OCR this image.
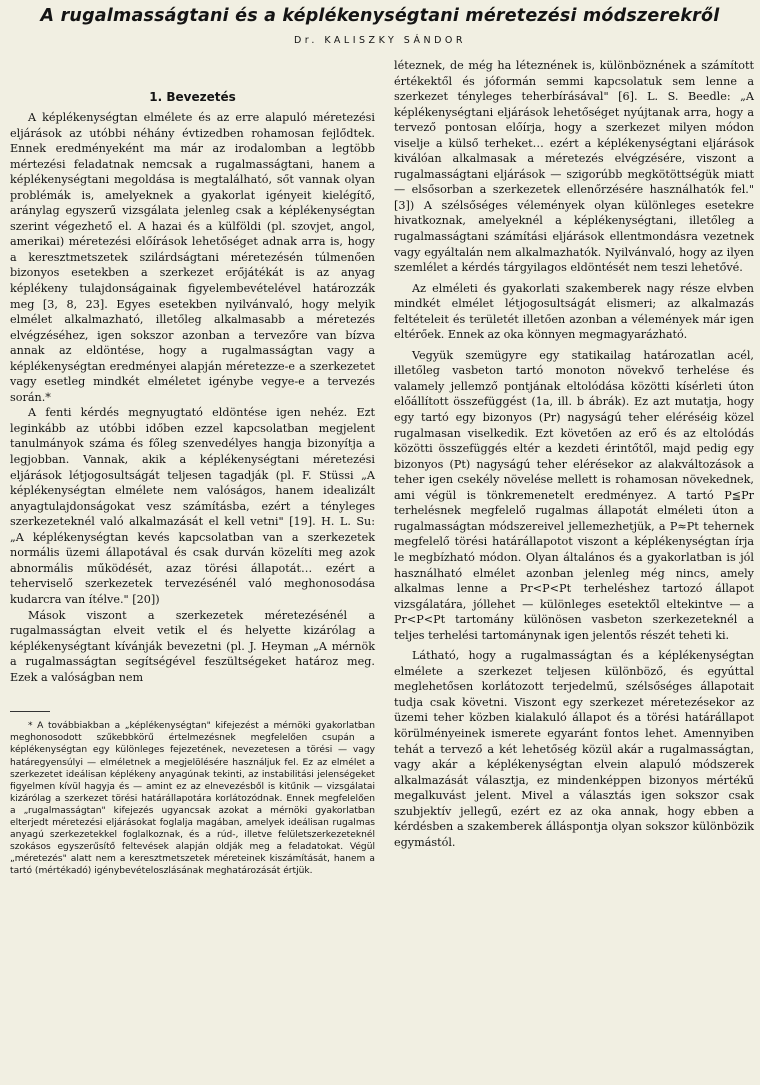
A rugalmasságtani és a képlékenységtani méretezési módszerekről
Dr. KALISZKY SÁNDOR
1. Bevezetés

A képlékenységtan elmélete és az erre alapuló méretezési eljárások az utóbbi néhány évtizedben rohamosan fejlődtek. Ennek eredményeként ma már az irodalomban a legtöbb mértezési feladatnak nemcsak a rugalmasságtani, hanem a képlékenységtani megoldása is megtalálható, sőt vannak olyan problémák is, amelyeknek a gyakorlat igényeit kielégítő, aránylag egyszerű vizsgálata jelenleg csak a képlékenységtan szerint végezhető el. A hazai és a külföldi (pl. szovjet, angol, amerikai) méretezési előírások lehetőséget adnak arra is, hogy a keresztmetszetek szilárdságtani méretezésén túlmenően bizonyos esetekben a szerkezet erőjátékát is az anyag képlékeny tulajdonságainak figyelembevételével határozzák meg [3, 8, 23]. Egyes esetekben nyilvánvaló, hogy melyik elmélet alkalmazható, illetőleg alkalmasabb a méretezés elvégzéséhez, igen sokszor azonban a tervezőre van bízva annak az eldöntése, hogy a rugalmasságtan vagy a képlékenységtan eredményei alapján méretezze-e a szerkezetet vagy esetleg mindkét elméletet igénybe vegye-e a tervezés során.*

A fenti kérdés megnyugtató eldöntése igen nehéz. Ezt leginkább az utóbbi időben ezzel kapcsolatban megjelent tanulmányok száma és főleg szenvedélyes hangja bizonyítja a legjobban. Vannak, akik a képlékenységtani méretezési eljárások létjogosultságát teljesen tagadják (pl. F. Stüssi „A képlékenységtan elmélete nem valóságos, hanem idealizált anyagtulajdonságokat vesz számításba, ezért a tényleges szerkezeteknél való alkalmazását el kell vetni" [19]. H. L. Su: „A képlékenységtan kevés kapcsolatban van a szerkezetek normális üzemi állapotával és csak durván közelíti meg azok abnormális működését, azaz törési állapotát… ezért a teherviselő szerkezetek tervezésénél való meghonosodása kudarcra van ítélve." [20])

Mások viszont a szerkezetek méretezésénél a rugalmasságtan elveit vetik el és helyette kizárólag a képlékenységtant kívánják bevezetni (pl. J. Heyman „A mérnök a rugalmasságtan segítségével feszültségeket határoz meg. Ezek a valóságban nem

* A továbbiakban a „képlékenységtan" kifejezést a mérnöki gyakorlatban meghonosodott szűkebbkörű értelmezésnek megfelelően csupán a képlékenységtan egy különleges fejezetének, nevezetesen a törési — vagy határegyensúlyi — elméletnek a megjelölésére használjuk fel. Ez az elmélet a szerkezetet ideálisan képlékeny anyagúnak tekinti, az instabilitási jelenségeket figyelmen kívül hagyja és — amint ez az elnevezésből is kitűnik — vizsgálatai kizárólag a szerkezet törési határállapotára korlátozódnak. Ennek megfelelően a „rugalmasságtan" kifejezés ugyancsak azokat a mérnöki gyakorlatban elterjedt méretezési eljárásokat foglalja magában, amelyek ideálisan rugalmas anyagú szerkezetekkel foglalkoznak, és a rúd-, illetve felületszerkezeteknél szokásos egyszerűsítő feltevések alapján oldják meg a feladatokat. Végül „méretezés" alatt nem a keresztmetszetek méreteinek kiszámítását, hanem a tartó (mértékadó) igénybevételoszlásának meghatározását értjük.

léteznek, de még ha léteznének is, különböznének a számított értékektől és jóformán semmi kapcsolatuk sem lenne a szerkezet tényleges teherbírásával" [6]. L. S. Beedle: „A képlékenységtani eljárások lehetőséget nyújtanak arra, hogy a tervező pontosan előírja, hogy a szerkezet milyen módon viselje a külső terheket… ezért a képlékenységtani eljárások kiválóan alkalmasak a méretezés elvégzésére, viszont a rugalmasságtani eljárások — szigorúbb megkötöttségük miatt — elsősorban a szerkezetek ellenőrzésére használhatók fel." [3]) A szélsőséges vélemények olyan különleges esetekre hivatkoznak, amelyeknél a képlékenységtani, illetőleg a rugalmasságtani számítási eljárások ellentmondásra vezetnek vagy egyáltalán nem alkalmazhatók. Nyilvánvaló, hogy az ilyen szemlélet a kérdés tárgyilagos eldöntését nem teszi lehetővé.

Az elméleti és gyakorlati szakemberek nagy része elvben mindkét elmélet létjogosultságát elismeri; az alkalmazás feltételeit és területét illetően azonban a vélemények már igen eltérőek. Ennek az oka könnyen megmagyarázható.

Vegyük szemügyre egy statikailag határozatlan acél, illetőleg vasbeton tartó monoton növekvő terhelése és valamely jellemző pontjának eltolódása közötti kísérleti úton előállított összefüggést (1a, ill. b ábrák). Ez azt mutatja, hogy egy tartó egy bizonyos (Pr) nagyságú teher eléréséig közel rugalmasan viselkedik. Ezt követően az erő és az eltolódás közötti összefüggés eltér a kezdeti érintőtől, majd pedig egy bizonyos (Pt) nagyságú teher elérésekor az alakváltozások a teher igen csekély növelése mellett is rohamosan növekednek, ami végül is tönkremenetelt eredményez. A tartó P≦Pr terhelésnek megfelelő rugalmas állapotát elméleti úton a rugalmasságtan módszereivel jellemezhetjük, a P≈Pt tehernek megfelelő törési határállapotot viszont a képlékenységtan írja le megbízható módon. Olyan általános és a gyakorlatban is jól használható elmélet azonban jelenleg még nincs, amely alkalmas lenne a Pr<P<Pt terheléshez tartozó állapot vizsgálatára, jóllehet — különleges esetektől eltekintve — a Pr<P<Pt tartomány különösen vasbeton szerkezeteknél a teljes terhelési tartománynak igen jelentős részét teheti ki.

Látható, hogy a rugalmasságtan és a képlékenységtan elmélete a szerkezet teljesen különböző, és egyúttal meglehetősen korlátozott terjedelmű, szélsőséges állapotait tudja csak követni. Viszont egy szerkezet méretezésekor az üzemi teher közben kialakuló állapot és a törési határállapot körülményeinek ismerete egyaránt fontos lehet. Amennyiben tehát a tervező a két lehetőség közül akár a rugalmasságtan, vagy akár a képlékenységtan elvein alapuló módszerek alkalmazását választja, ez mindenképpen bizonyos mértékű megalkuvást jelent. Mivel a választás igen sokszor csak szubjektív jellegű, ezért ez az oka annak, hogy ebben a kérdésben a szakemberek álláspontja olyan sokszor különbözik egymástól.
